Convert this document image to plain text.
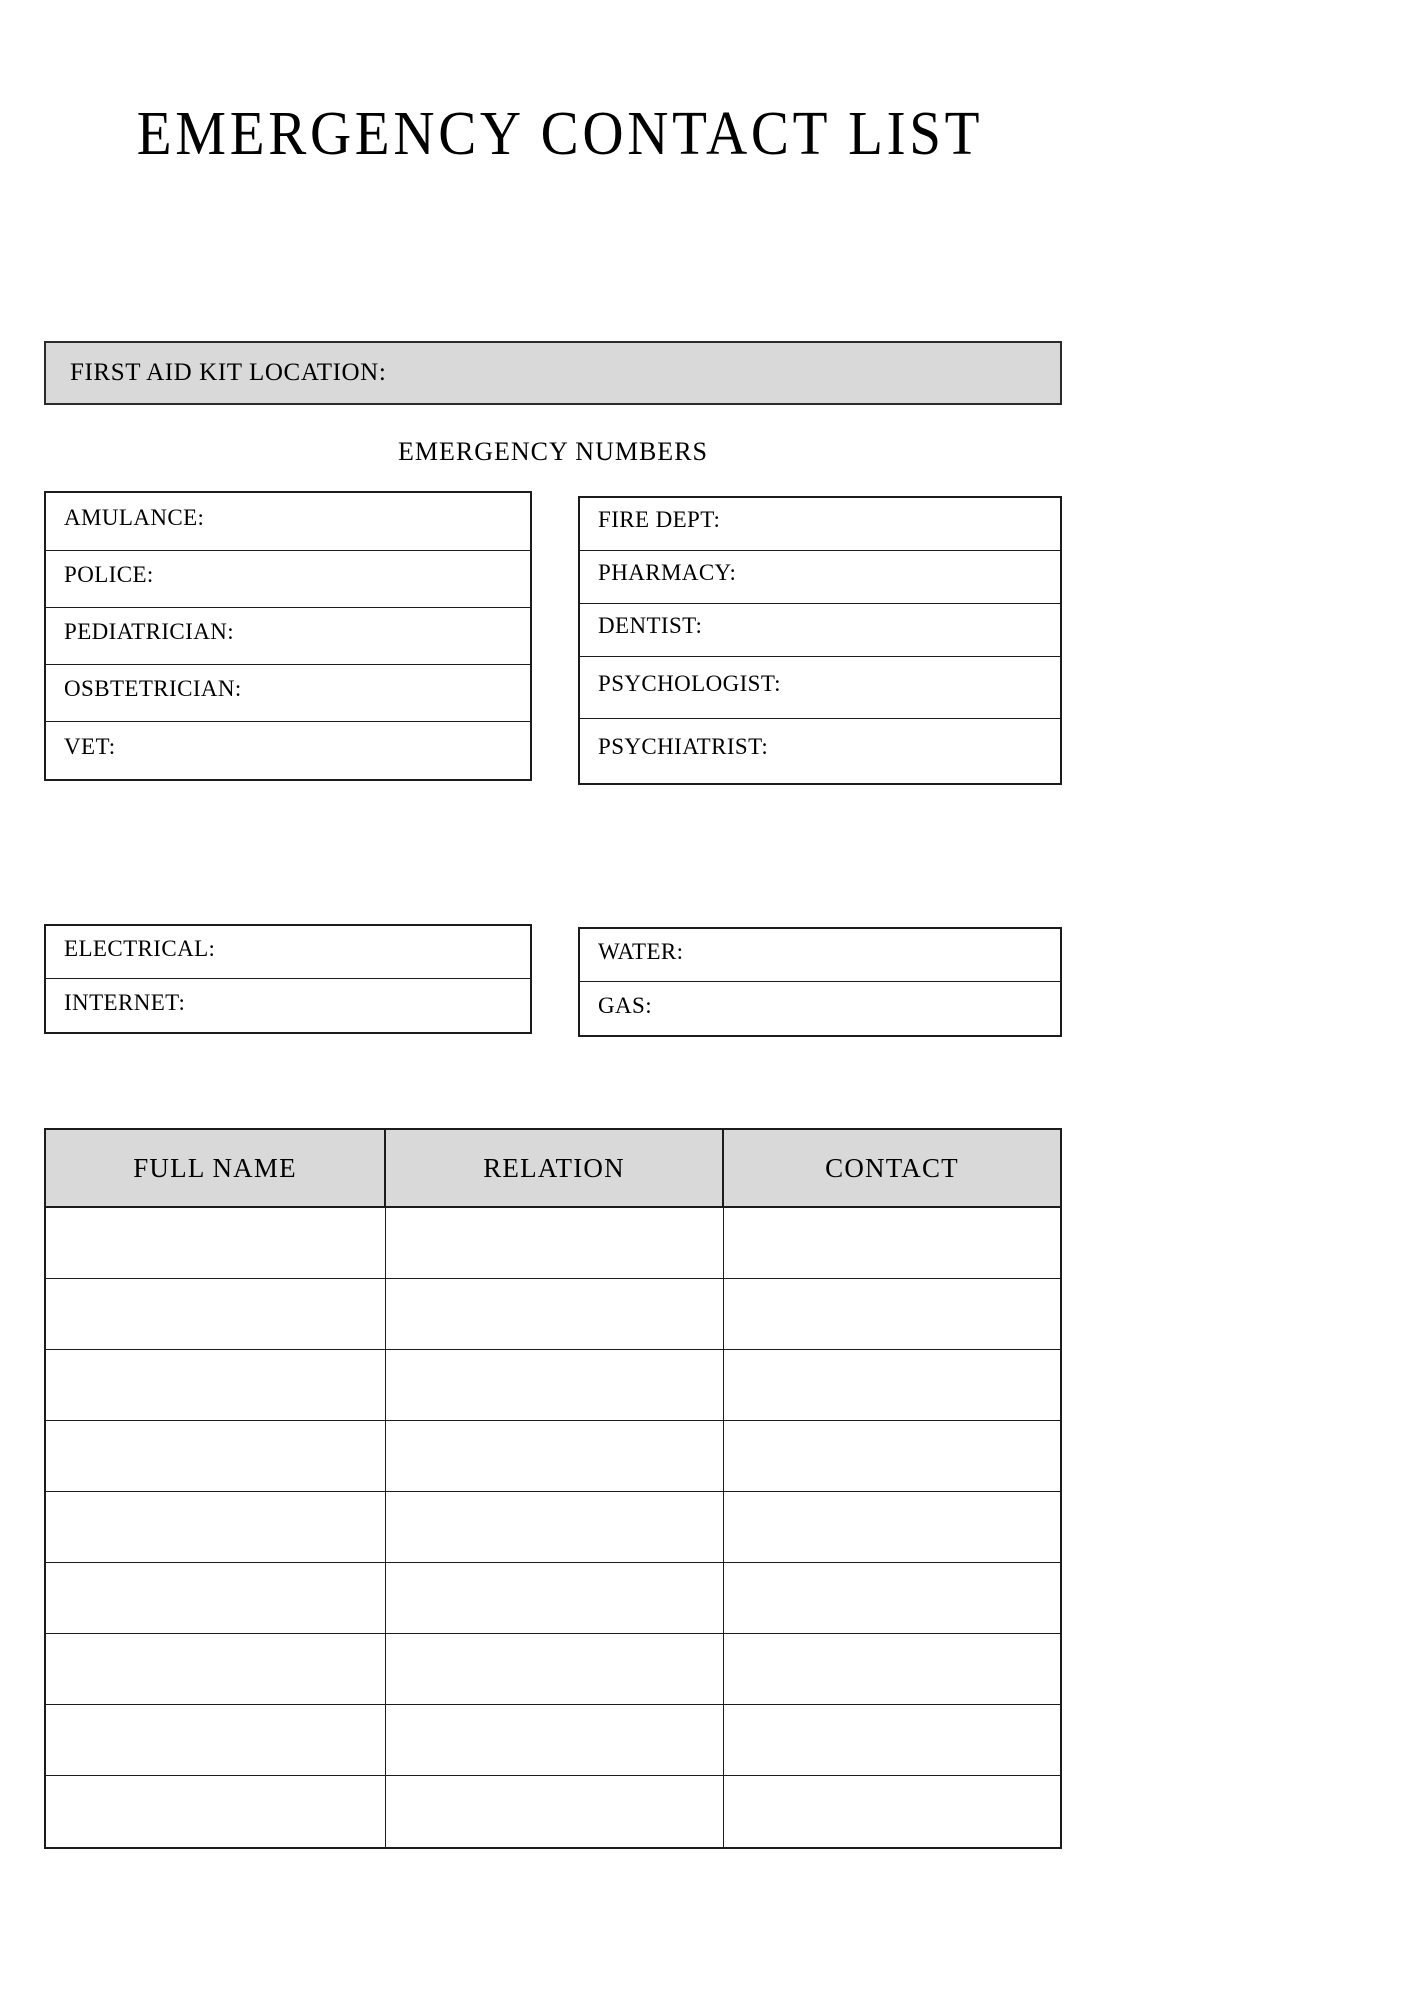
EMERGENCY CONTACT LIST
FIRST AID KIT LOCATION:
EMERGENCY NUMBERS
AMULANCE:
POLICE:
PEDIATRICIAN:
OSBTETRICIAN:
VET:
FIRE DEPT:
PHARMACY:
DENTIST:
PSYCHOLOGIST:
PSYCHIATRIST:
ELECTRICAL:
INTERNET:
WATER:
GAS:
FULL NAME	RELATION	CONTACT
